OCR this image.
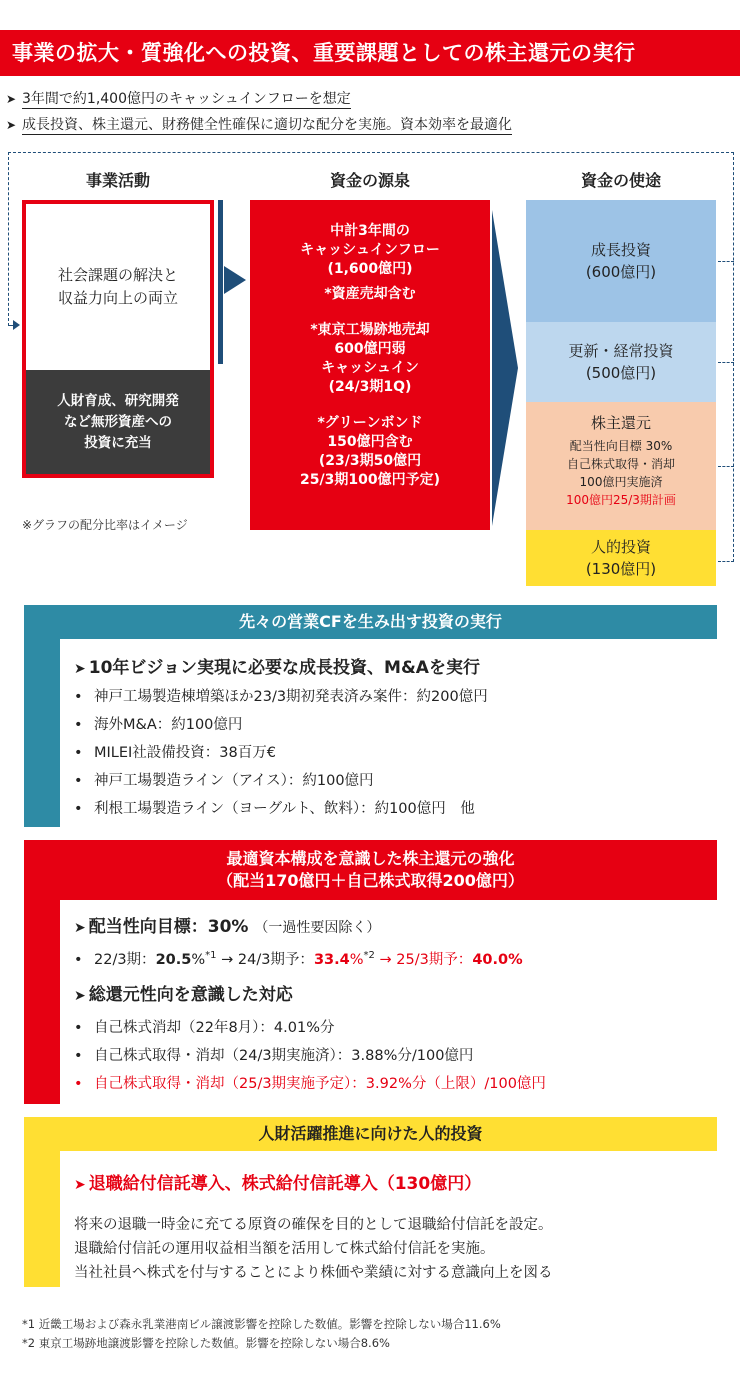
事業の拡大・質強化への投資、重要課題としての株主還元の実行
➤ 3年間で約1,400億円のキャッシュインフローを想定
➤ 成長投資、株主還元、財務健全性確保に適切な配分を実施。資本効率を最適化
事業活動	資金の源泉	資金の使途
社会課題の解決と
収益力向上の両立
人財育成、研究開発
など無形資産への
投資に充当
中計3年間の
キャッシュインフロー
(1,600億円)
*資産売却含む
*東京工場跡地売却
600億円弱
キャッシュイン
(24/3期1Q)
*グリーンボンド
150億円含む
(23/3期50億円
25/3期100億円予定)
成長投資
(600億円)
更新・経常投資
(500億円)
株主還元
配当性向目標 30%
自己株式取得・消却
100億円実施済
100億円25/3期計画
人的投資
(130億円)
※グラフの配分比率はイメージ
先々の営業CFを生み出す投資の実行
➤ 10年ビジョン実現に必要な成長投資、M&Aを実行
• 神戸工場製造棟増築ほか23/3期初発表済み案件：約200億円
• 海外M&A：約100億円
• MILEI社設備投資：38百万€
• 神戸工場製造ライン（アイス）：約100億円
• 利根工場製造ライン（ヨーグルト、飲料）：約100億円　他
最適資本構成を意識した株主還元の強化
（配当170億円＋自己株式取得200億円）
➤ 配当性向目標：30% （一過性要因除く）
• 22/3期：20.5%$^{*1}$ → 24/3期予：33.4%$^{*2}$ → 25/3期予：40.0%
➤ 総還元性向を意識した対応
• 自己株式消却（22年8月）：4.01%分
• 自己株式取得・消却（24/3期実施済）：3.88%分/100億円
• 自己株式取得・消却（25/3期実施予定）：3.92%分（上限）/100億円
人財活躍推進に向けた人的投資
➤ 退職給付信託導入、株式給付信託導入（130億円）
将来の退職一時金に充てる原資の確保を目的として退職給付信託を設定。
退職給付信託の運用収益相当額を活用して株式給付信託を実施。
当社社員へ株式を付与することにより株価や業績に対する意識向上を図る
*1 近畿工場および森永乳業港南ビル譲渡影響を控除した数値。影響を控除しない場合11.6%
*2 東京工場跡地譲渡影響を控除した数値。影響を控除しない場合8.6%
